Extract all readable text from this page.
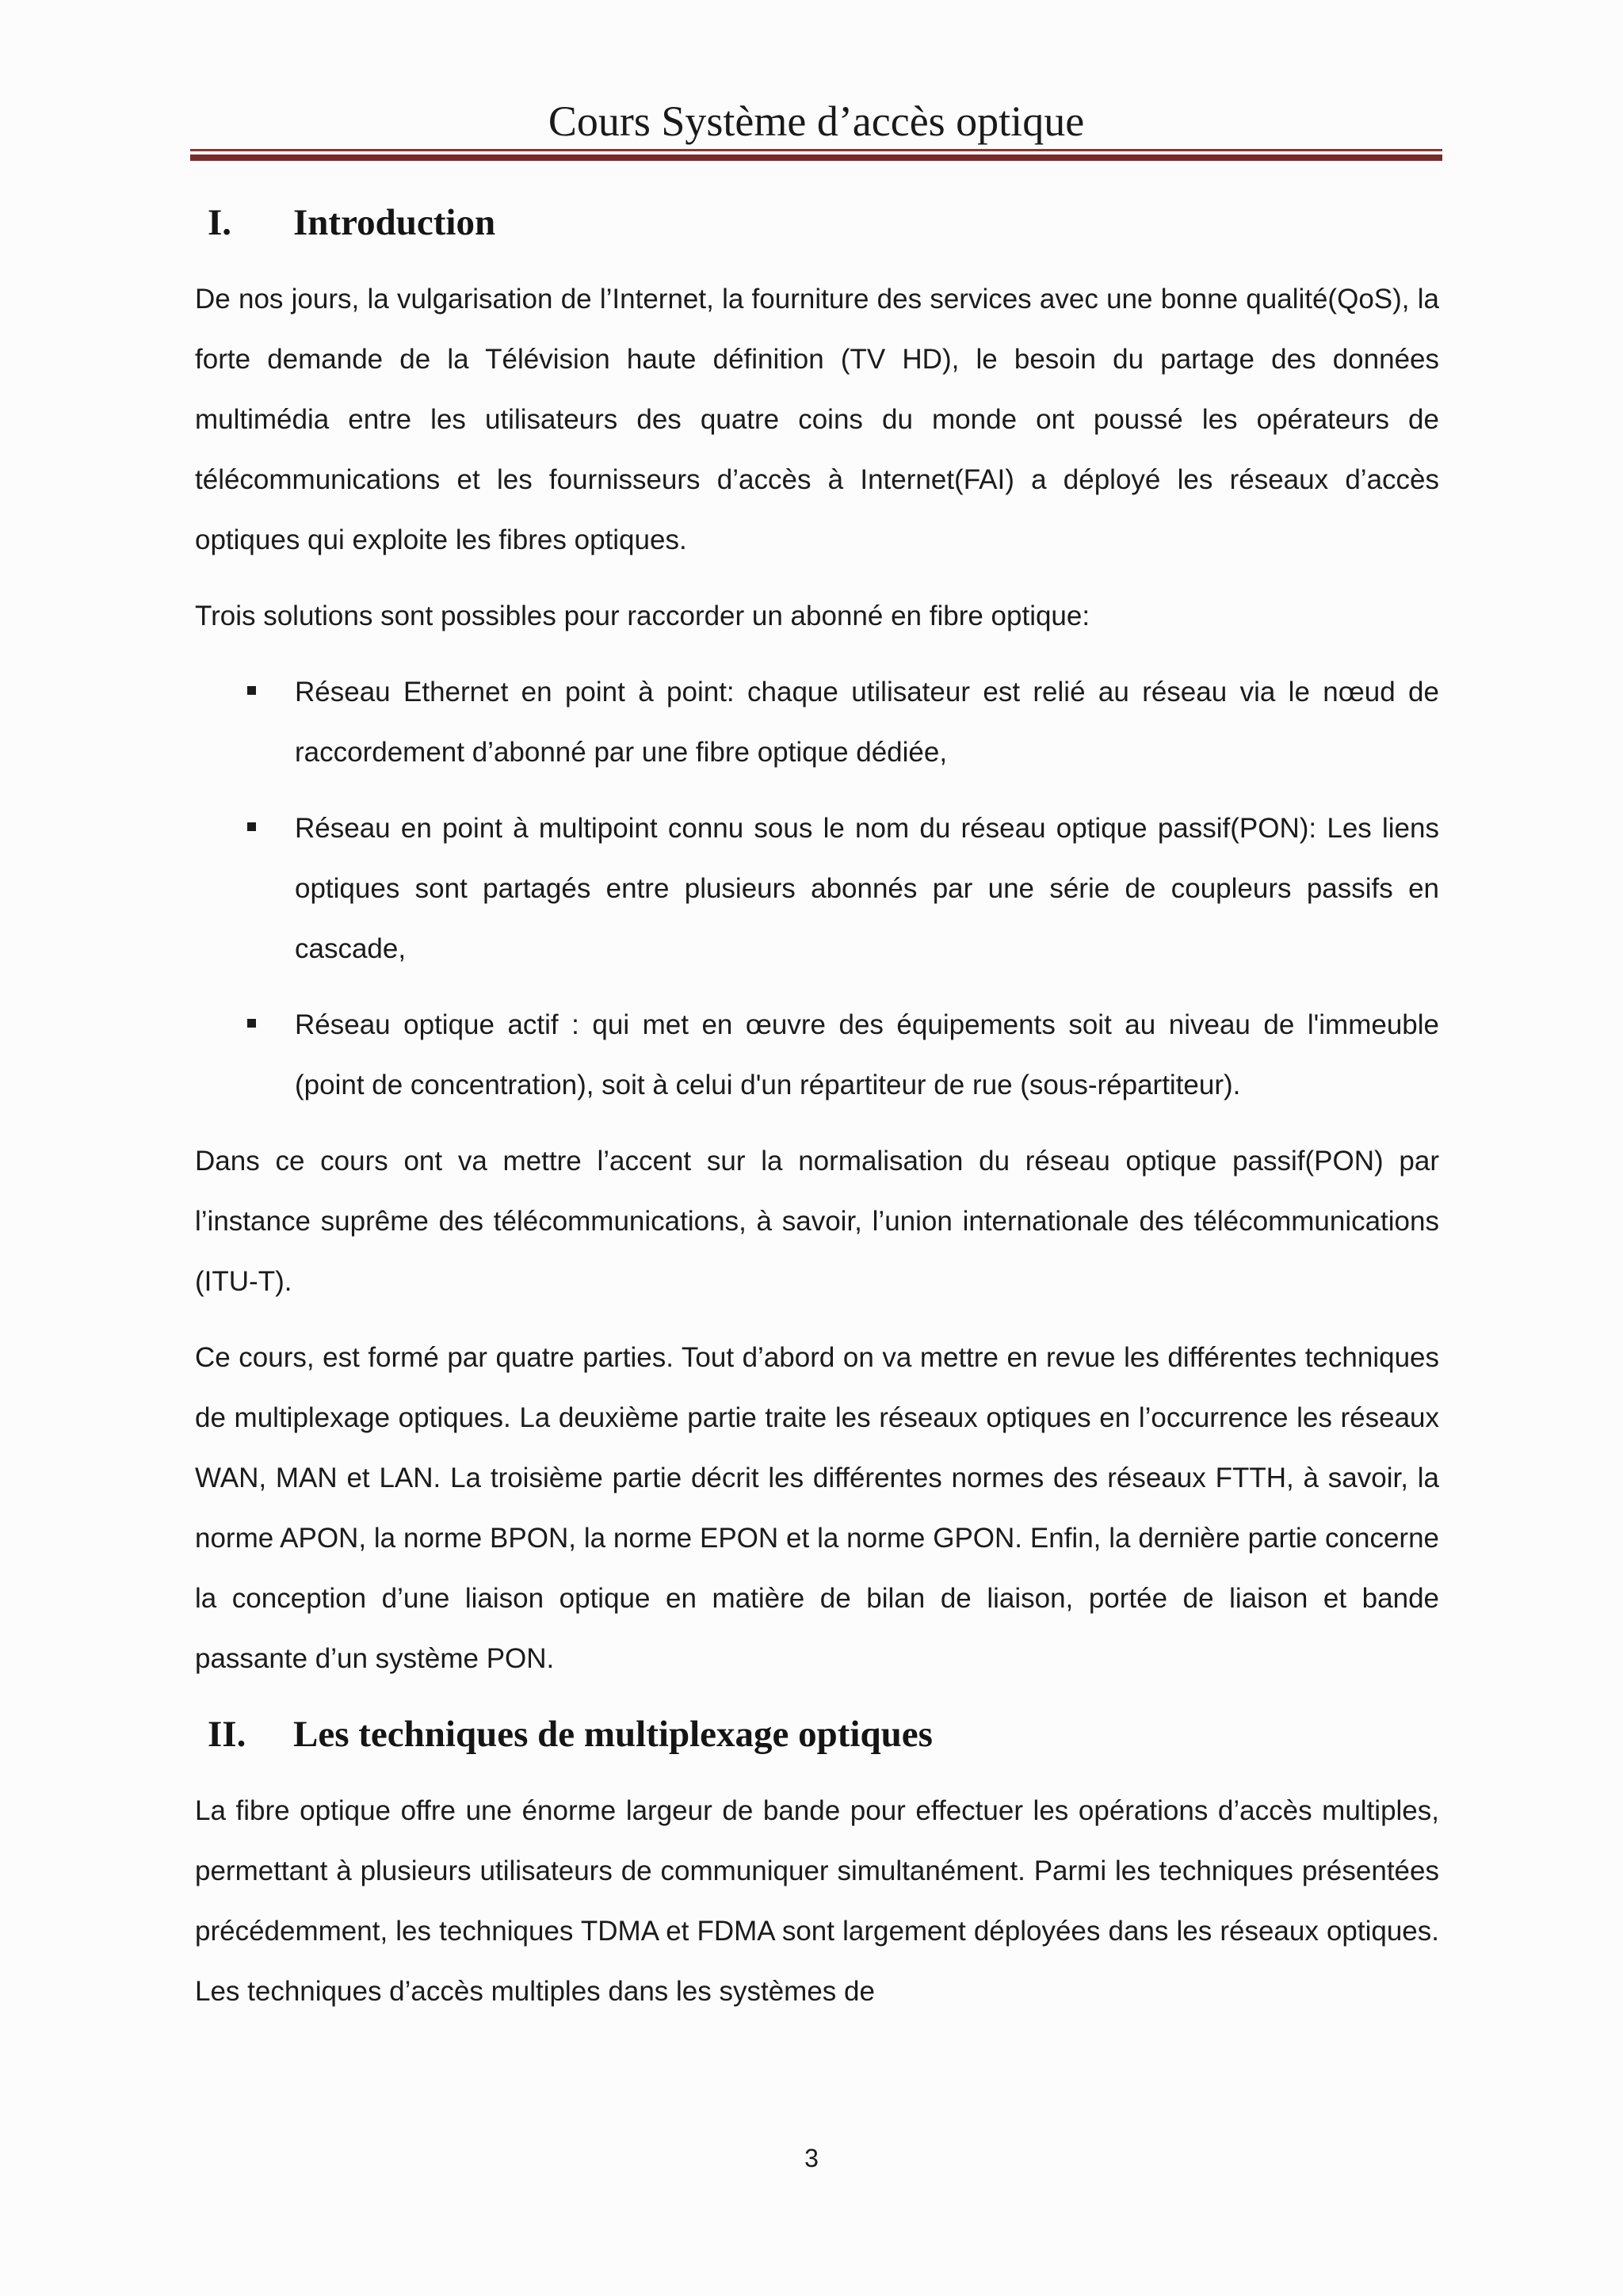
Cours Système d’accès optique
I.	Introduction

De nos jours, la vulgarisation de l’Internet, la fourniture des services avec une bonne qualité(QoS), la forte demande de la Télévision haute définition (TV HD), le besoin du partage des données multimédia entre les utilisateurs des quatre coins du monde ont poussé les opérateurs de télécommunications et les fournisseurs d’accès à Internet(FAI) a déployé les réseaux d’accès optiques qui exploite les fibres optiques.

Trois solutions sont possibles pour raccorder un abonné en fibre optique:

Réseau Ethernet en point à point: chaque utilisateur est relié au réseau via le nœud de raccordement d’abonné par une fibre optique dédiée,
Réseau en point à multipoint connu sous le nom du réseau optique passif(PON): Les liens optiques sont partagés entre plusieurs abonnés par une série de coupleurs passifs en cascade,
Réseau optique actif : qui met en œuvre des équipements soit au niveau de l'immeuble (point de concentration), soit à celui d'un répartiteur de rue (sous-répartiteur).

Dans ce cours ont va mettre l’accent sur la normalisation du réseau optique passif(PON) par l’instance suprême des télécommunications, à savoir, l’union internationale des télécommunications (ITU-T).

Ce cours, est formé par quatre parties. Tout d’abord on va mettre en revue les différentes techniques de multiplexage optiques. La deuxième partie traite les réseaux optiques en l’occurrence les réseaux WAN, MAN et LAN. La troisième partie décrit les différentes normes des réseaux FTTH, à savoir, la norme APON, la norme BPON, la norme EPON et la norme GPON. Enfin, la dernière partie concerne la conception d’une liaison optique en matière de bilan de liaison, portée de liaison et bande passante d’un système PON.

II.	Les techniques de multiplexage optiques

La fibre optique offre une énorme largeur de bande pour effectuer les opérations d’accès multiples, permettant à plusieurs utilisateurs de communiquer simultanément. Parmi les techniques présentées précédemment, les techniques TDMA et FDMA sont largement déployées dans les réseaux optiques. Les techniques d’accès multiples dans les systèmes de

3
